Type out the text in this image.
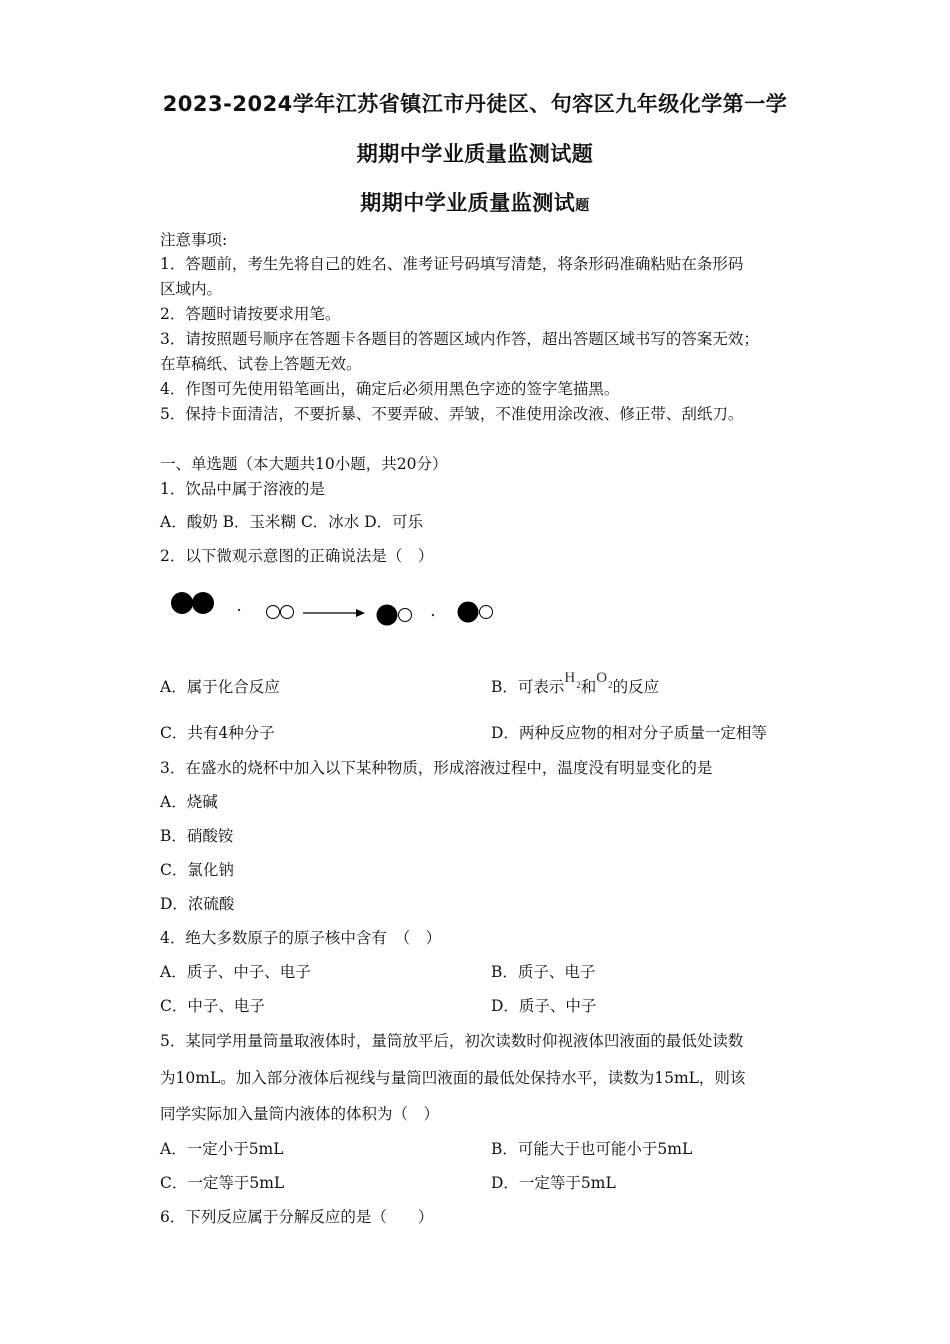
2023-2024学年江苏省镇江市丹徒区、句容区九年级化学第一学
期期中学业质量监测试题
期期中学业质量监测试题
注意事项:
1．答题前，考生先将自己的姓名、准考证号码填写清楚，将条形码准确粘贴在条形码
区域内。
2．答题时请按要求用笔。
3．请按照题号顺序在答题卡各题目的答题区域内作答，超出答题区域书写的答案无效；
在草稿纸、试卷上答题无效。
4．作图可先使用铅笔画出，确定后必须用黑色字迹的签字笔描黑。
5．保持卡面清洁，不要折暴、不要弄破、弄皱，不准使用涂改液、修正带、刮纸刀。
一、单选题（本大题共10小题，共20分）
1．饮品中属于溶液的是
A．酸奶 B．玉米糊 C．冰水 D．可乐
2．以下微观示意图的正确说法是（　）
A．属于化合反应	B．可表示$H_2$和$O_2$的反应
C．共有4种分子	D．两种反应物的相对分子质量一定相等
3．在盛水的烧杯中加入以下某种物质，形成溶液过程中，温度没有明显变化的是
A．烧碱
B．硝酸铵
C．氯化钠
D．浓硫酸
4．绝大多数原子的原子核中含有　（　）
A．质子、中子、电子	B．质子、电子
C．中子、电子	D．质子、中子
5．某同学用量筒量取液体时，量筒放平后，初次读数时仰视液体凹液面的最低处读数
为10mL。加入部分液体后视线与量筒凹液面的最低处保持水平，读数为15mL，则该
同学实际加入量筒内液体的体积为（　）
A．一定小于5mL	B．可能大于也可能小于5mL
C．一定等于5mL	D．一定等于5mL
6．下列反应属于分解反应的是（　　）
